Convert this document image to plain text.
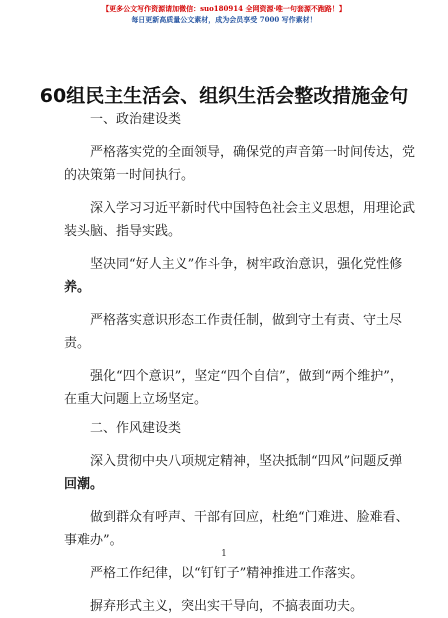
【更多公文写作资源请加微信：suo180914 全网资源·唯一句套源不跑路！】
每日更新高质量公文素材，成为会员享受 7000 写作素材！
60组民主生活会、组织生活会整改措施金句
一、政治建设类
严格落实党的全面领导，确保党的声音第一时间传达，党
的决策第一时间执行。
深入学习习近平新时代中国特色社会主义思想，用理论武
装头脑、指导实践。
坚决同“好人主义”作斗争，树牢政治意识，强化党性修
养。
严格落实意识形态工作责任制，做到守土有责、守土尽
责。
强化“四个意识”，坚定“四个自信”，做到“两个维护”，
在重大问题上立场坚定。
二、作风建设类
深入贯彻中央八项规定精神，坚决抵制“四风”问题反弹
回潮。
做到群众有呼声、干部有回应，杜绝“门难进、脸难看、
事难办”。
严格工作纪律，以“钉钉子”精神推进工作落实。
摒弃形式主义，突出实干导向，不搞表面功夫。
1
